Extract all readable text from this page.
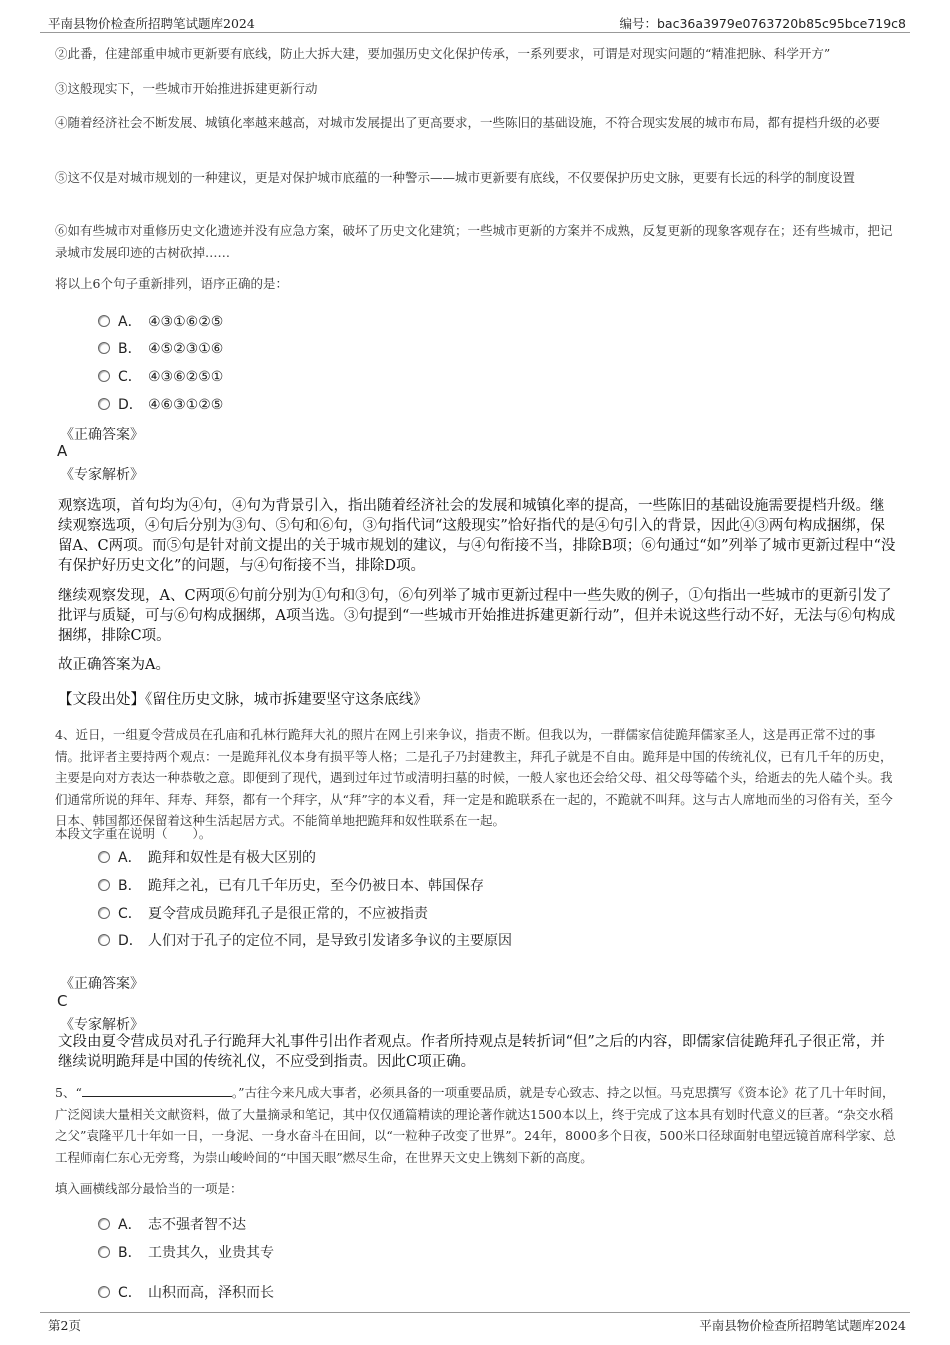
平南县物价检查所招聘笔试题库2024	编号：bac36a3979e0763720b85c95bce719c8
②此番，住建部重申城市更新要有底线，防止大拆大建，要加强历史文化保护传承，一系列要求，可谓是对现实问题的“精准把脉、科学开方”
③这般现实下，一些城市开始推进拆建更新行动
④随着经济社会不断发展、城镇化率越来越高，对城市发展提出了更高要求，一些陈旧的基础设施，不符合现实发展的城市布局，都有提档升级的必要
⑤这不仅是对城市规划的一种建议，更是对保护城市底蕴的一种警示——城市更新要有底线，不仅要保护历史文脉，更要有长远的科学的制度设置
⑥如有些城市对重修历史文化遗迹并没有应急方案，破坏了历史文化建筑；一些城市更新的方案并不成熟，反复更新的现象客观存在；还有些城市，把记录城市发展印迹的古树砍掉……
将以上6个句子重新排列，语序正确的是：
A． ④③①⑥②⑤
B． ④⑤②③①⑥
C． ④③⑥②⑤①
D． ④⑥③①②⑤
《正确答案》
A
《专家解析》
观察选项，首句均为④句，④句为背景引入，指出随着经济社会的发展和城镇化率的提高，一些陈旧的基础设施需要提档升级。继续观察选项，④句后分别为③句、⑤句和⑥句，③句指代词“这般现实”恰好指代的是④句引入的背景，因此④③两句构成捆绑，保留A、C两项。而⑤句是针对前文提出的关于城市规划的建议，与④句衔接不当，排除B项；⑥句通过“如”列举了城市更新过程中“没有保护好历史文化”的问题，与④句衔接不当，排除D项。
继续观察发现，A、C两项⑥句前分别为①句和③句，⑥句列举了城市更新过程中一些失败的例子，①句指出一些城市的更新引发了批评与质疑，可与⑥句构成捆绑，A项当选。③句提到“一些城市开始推进拆建更新行动”，但并未说这些行动不好，无法与⑥句构成捆绑，排除C项。
故正确答案为A。
【文段出处】《留住历史文脉，城市拆建要坚守这条底线》
4、近日，一组夏令营成员在孔庙和孔林行跪拜大礼的照片在网上引来争议，指责不断。但我以为，一群儒家信徒跪拜儒家圣人，这是再正常不过的事情。批评者主要持两个观点：一是跪拜礼仪本身有损平等人格；二是孔子乃封建教主，拜孔子就是不自由。跪拜是中国的传统礼仪，已有几千年的历史，主要是向对方表达一种恭敬之意。即便到了现代，遇到过年过节或清明扫墓的时候，一般人家也还会给父母、祖父母等磕个头，给逝去的先人磕个头。我们通常所说的拜年、拜寿、拜祭，都有一个拜字，从“拜”字的本义看，拜一定是和跪联系在一起的，不跪就不叫拜。这与古人席地而坐的习俗有关，至今日本、韩国都还保留着这种生活起居方式。不能简单地把跪拜和奴性联系在一起。
本段文字重在说明（　　）。
A． 跪拜和奴性是有极大区别的
B． 跪拜之礼，已有几千年历史，至今仍被日本、韩国保存
C． 夏令营成员跪拜孔子是很正常的，不应被指责
D． 人们对于孔子的定位不同，是导致引发诸多争议的主要原因
《正确答案》
C
《专家解析》
文段由夏令营成员对孔子行跪拜大礼事件引出作者观点。作者所持观点是转折词“但”之后的内容，即儒家信徒跪拜孔子很正常，并继续说明跪拜是中国的传统礼仪，不应受到指责。因此C项正确。
5、“	。”古往今来凡成大事者，必须具备的一项重要品质，就是专心致志、持之以恒。马克思撰写《资本论》花了几十年时间，广泛阅读大量相关文献资料，做了大量摘录和笔记，其中仅仅通篇精读的理论著作就达1500本以上，终于完成了这本具有划时代意义的巨著。“杂交水稻之父”袁隆平几十年如一日，一身泥、一身水奋斗在田间，以“一粒种子改变了世界”。24年，8000多个日夜，500米口径球面射电望远镜首席科学家、总工程师南仁东心无旁骛，为崇山峻岭间的“中国天眼”燃尽生命，在世界天文史上镌刻下新的高度。
填入画横线部分最恰当的一项是：
A． 志不强者智不达
B． 工贵其久，业贵其专
C． 山积而高，泽积而长
第2页	平南县物价检查所招聘笔试题库2024
